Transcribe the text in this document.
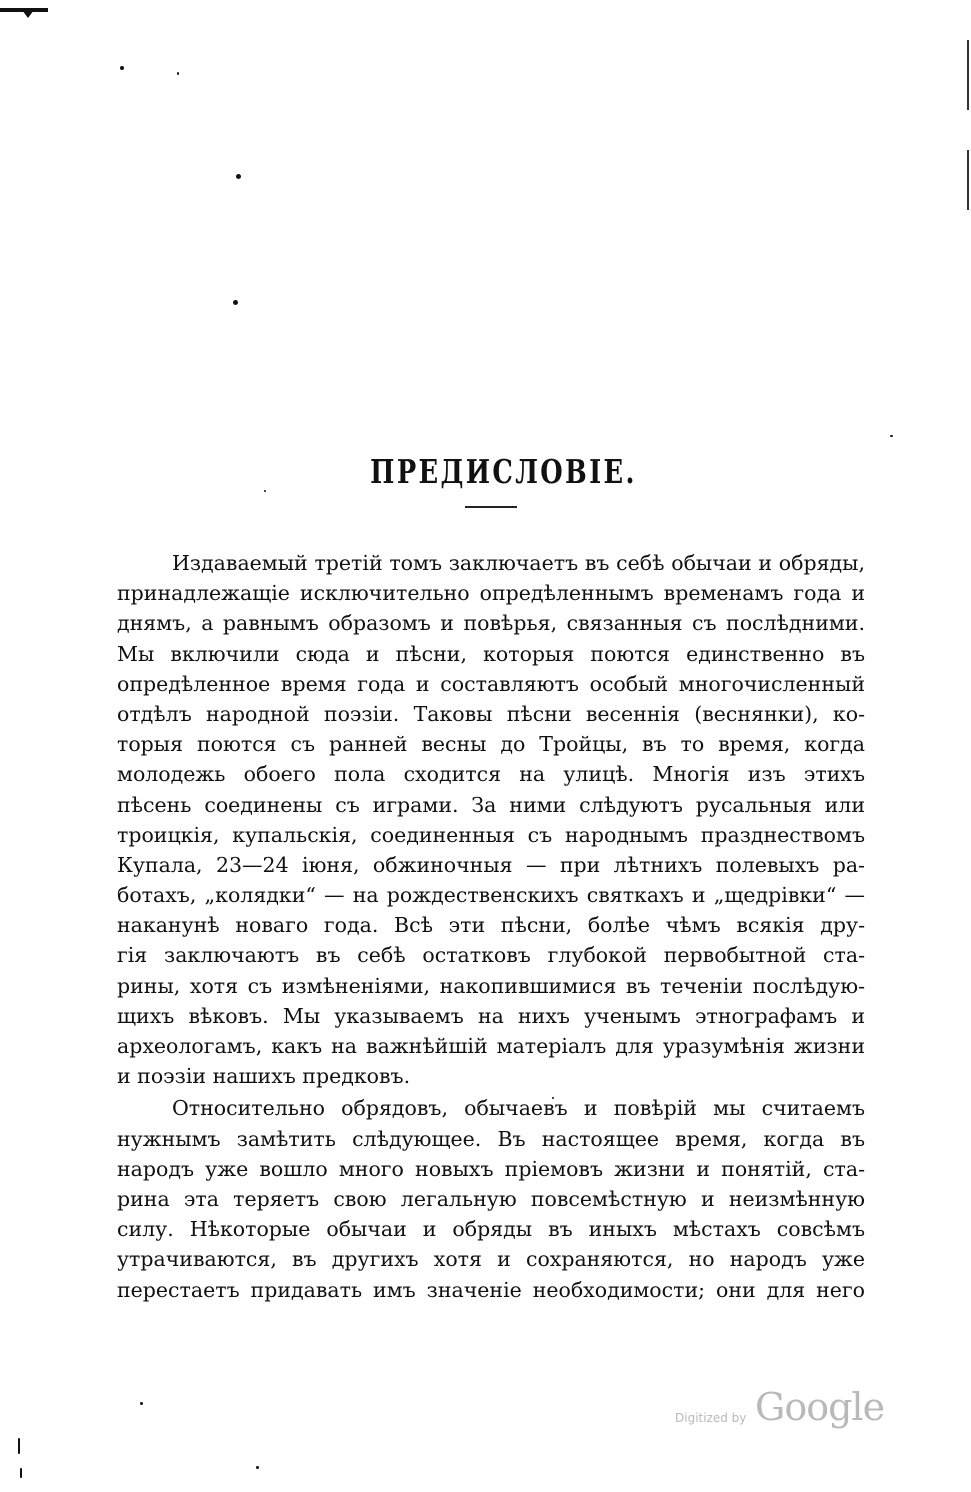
ПРЕДИСЛОВІЕ.
Издаваемый третій томъ заключаетъ въ себѣ обычаи и обряды,
принадлежащіе исключительно опредѣленнымъ временамъ года и
днямъ, а равнымъ образомъ и повѣрья, связанныя съ послѣдними.
Мы включили сюда и пѣсни, которыя поются единственно въ
опредѣленное время года и составляютъ особый многочисленный
отдѣлъ народной поэзіи. Таковы пѣсни весеннія (веснянки), ко-
торыя поются съ ранней весны до Тройцы, въ то время, когда
молодежь обоего пола сходится на улицѣ. Многія изъ этихъ
пѣсень соединены съ играми. За ними слѣдуютъ русальныя или
троицкія, купальскія, соединенныя съ народнымъ празднествомъ
Купала, 23—24 іюня, обжиночныя — при лѣтнихъ полевыхъ ра-
ботахъ, „колядки“ — на рождественскихъ святкахъ и „щедрівки“ —
наканунѣ новаго года. Всѣ эти пѣсни, болѣе чѣмъ всякія дру-
гія заключаютъ въ себѣ остатковъ глубокой первобытной ста-
рины, хотя съ измѣненіями, накопившимися въ теченіи послѣдую-
щихъ вѣковъ. Мы указываемъ на нихъ ученымъ этнографамъ и
археологамъ, какъ на важнѣйшій матеріалъ для уразумѣнія жизни
и поэзіи нашихъ предковъ.
Относительно обрядовъ, обычаевъ и повѣрій мы считаемъ
нужнымъ замѣтить слѣдующее. Въ настоящее время, когда въ
народъ уже вошло много новыхъ пріемовъ жизни и понятій, ста-
рина эта теряетъ свою легальную повсемѣстную и неизмѣнную
силу. Нѣкоторые обычаи и обряды въ иныхъ мѣстахъ совсѣмъ
утрачиваются, въ другихъ хотя и сохраняются, но народъ уже
перестаетъ придавать имъ значеніе необходимости; они для него
Digitized by Google
